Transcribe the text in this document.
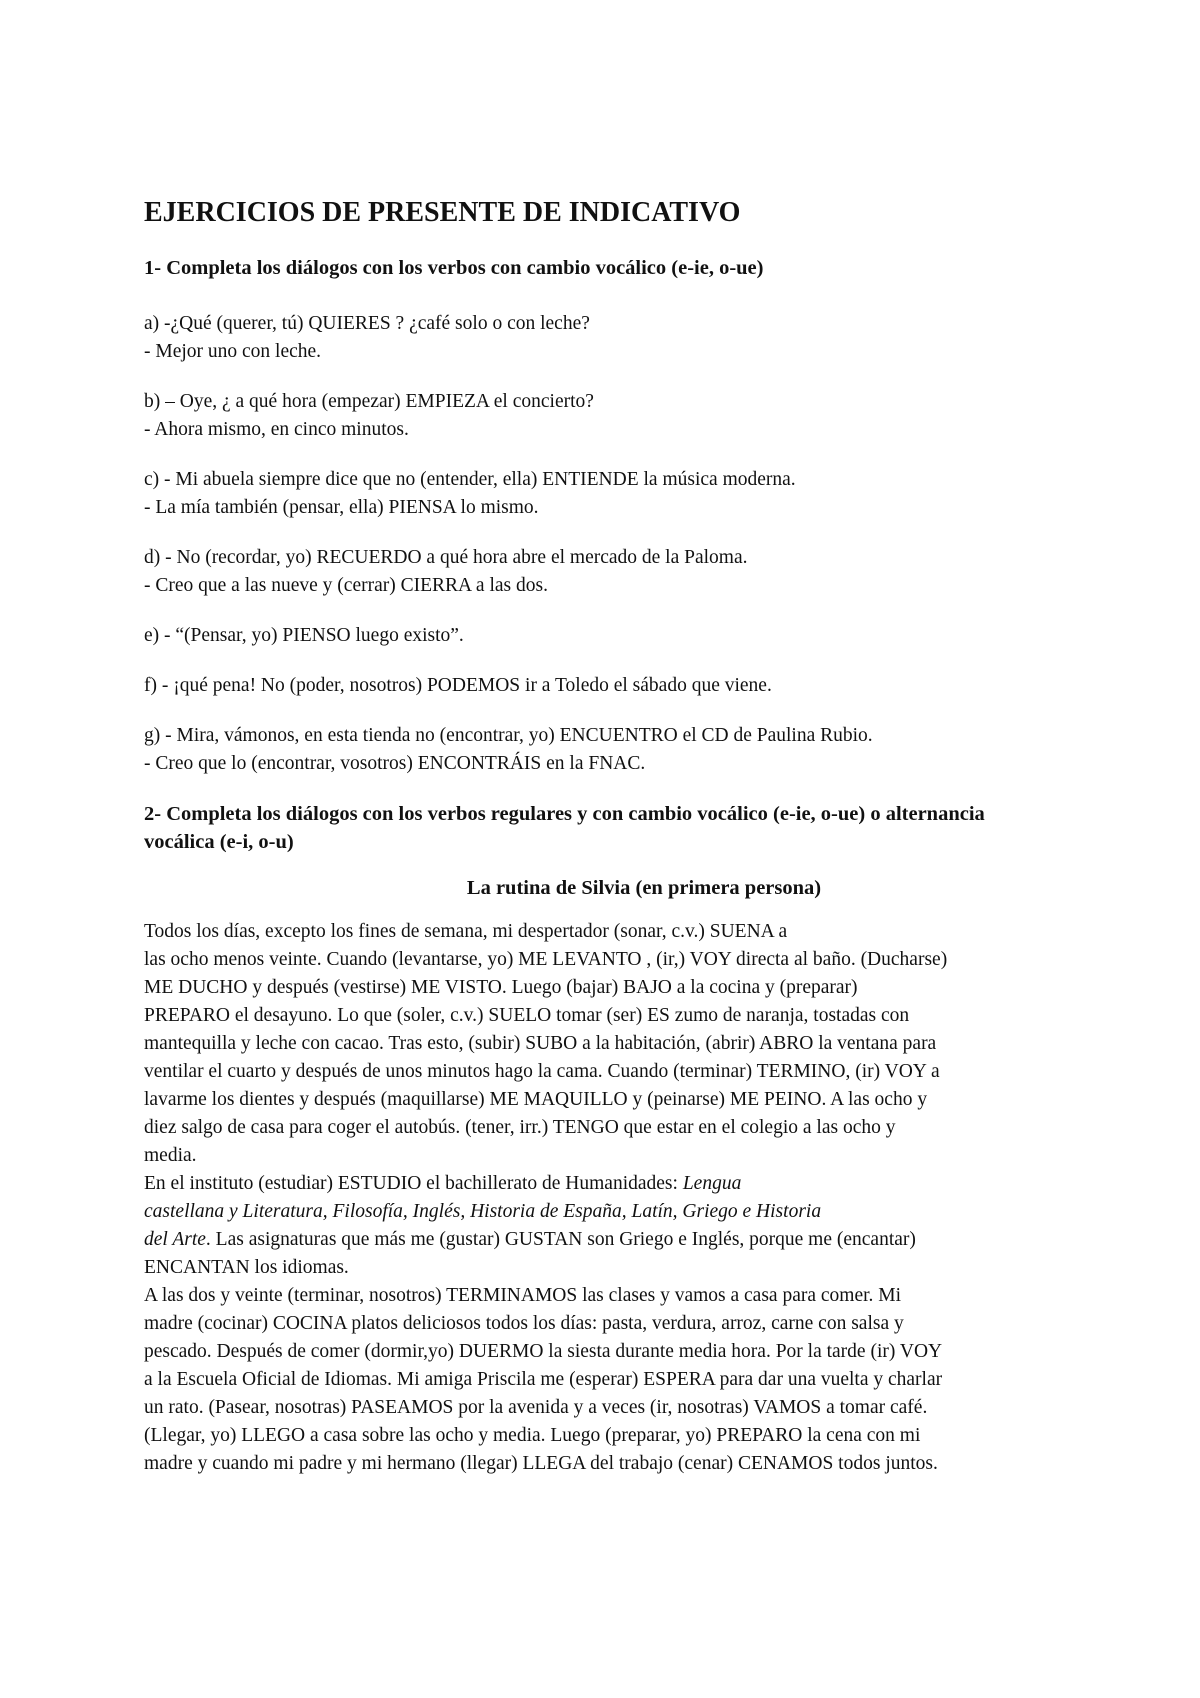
EJERCICIOS DE PRESENTE DE INDICATIVO
1- Completa los diálogos con los verbos con cambio vocálico (e-ie, o-ue)
a) -¿Qué (querer, tú) QUIERES ? ¿café solo o con leche?
- Mejor uno con leche.
b) – Oye, ¿ a qué hora (empezar) EMPIEZA el concierto?
- Ahora mismo, en cinco minutos.
c) - Mi abuela siempre dice que no (entender, ella) ENTIENDE la música moderna.
- La mía también (pensar, ella) PIENSA lo mismo.
d) - No (recordar, yo) RECUERDO a qué hora abre el mercado de la Paloma.
- Creo que a las nueve y (cerrar) CIERRA a las dos.
e) - “(Pensar, yo) PIENSO luego existo”.
f) - ¡qué pena! No (poder, nosotros) PODEMOS ir a Toledo el sábado que viene.
g) - Mira, vámonos, en esta tienda no (encontrar, yo) ENCUENTRO el CD de Paulina Rubio.
- Creo que lo (encontrar, vosotros) ENCONTRÁIS en la FNAC.
2- Completa los diálogos con los verbos regulares y con cambio vocálico (e-ie, o-ue) o alternancia
vocálica (e-i, o-u)
La rutina de Silvia (en primera persona)
Todos los días, excepto los fines de semana, mi despertador (sonar, c.v.) SUENA a
las ocho menos veinte. Cuando (levantarse, yo) ME LEVANTO , (ir,) VOY directa al baño. (Ducharse)
ME DUCHO y después (vestirse) ME VISTO. Luego (bajar) BAJO a la cocina y (preparar)
PREPARO el desayuno. Lo que (soler, c.v.) SUELO tomar (ser) ES zumo de naranja, tostadas con
mantequilla y leche con cacao. Tras esto, (subir) SUBO a la habitación, (abrir) ABRO la ventana para
ventilar el cuarto y después de unos minutos hago la cama. Cuando (terminar) TERMINO, (ir) VOY a
lavarme los dientes y después (maquillarse) ME MAQUILLO y (peinarse) ME PEINO. A las ocho y
diez salgo de casa para coger el autobús. (tener, irr.) TENGO que estar en el colegio a las ocho y
media.
En el instituto (estudiar) ESTUDIO el bachillerato de Humanidades: Lengua
castellana y Literatura, Filosofía, Inglés, Historia de España, Latín, Griego e Historia
del Arte. Las asignaturas que más me (gustar) GUSTAN son Griego e Inglés, porque me (encantar)
ENCANTAN los idiomas.
A las dos y veinte (terminar, nosotros) TERMINAMOS las clases y vamos a casa para comer. Mi
madre (cocinar) COCINA platos deliciosos todos los días: pasta, verdura, arroz, carne con salsa y
pescado. Después de comer (dormir,yo) DUERMO la siesta durante media hora. Por la tarde (ir) VOY
a la Escuela Oficial de Idiomas. Mi amiga Priscila me (esperar) ESPERA para dar una vuelta y charlar
un rato. (Pasear, nosotras) PASEAMOS por la avenida y a veces (ir, nosotras) VAMOS a tomar café.
(Llegar, yo) LLEGO a casa sobre las ocho y media. Luego (preparar, yo) PREPARO la cena con mi
madre y cuando mi padre y mi hermano (llegar) LLEGA del trabajo (cenar) CENAMOS todos juntos.
